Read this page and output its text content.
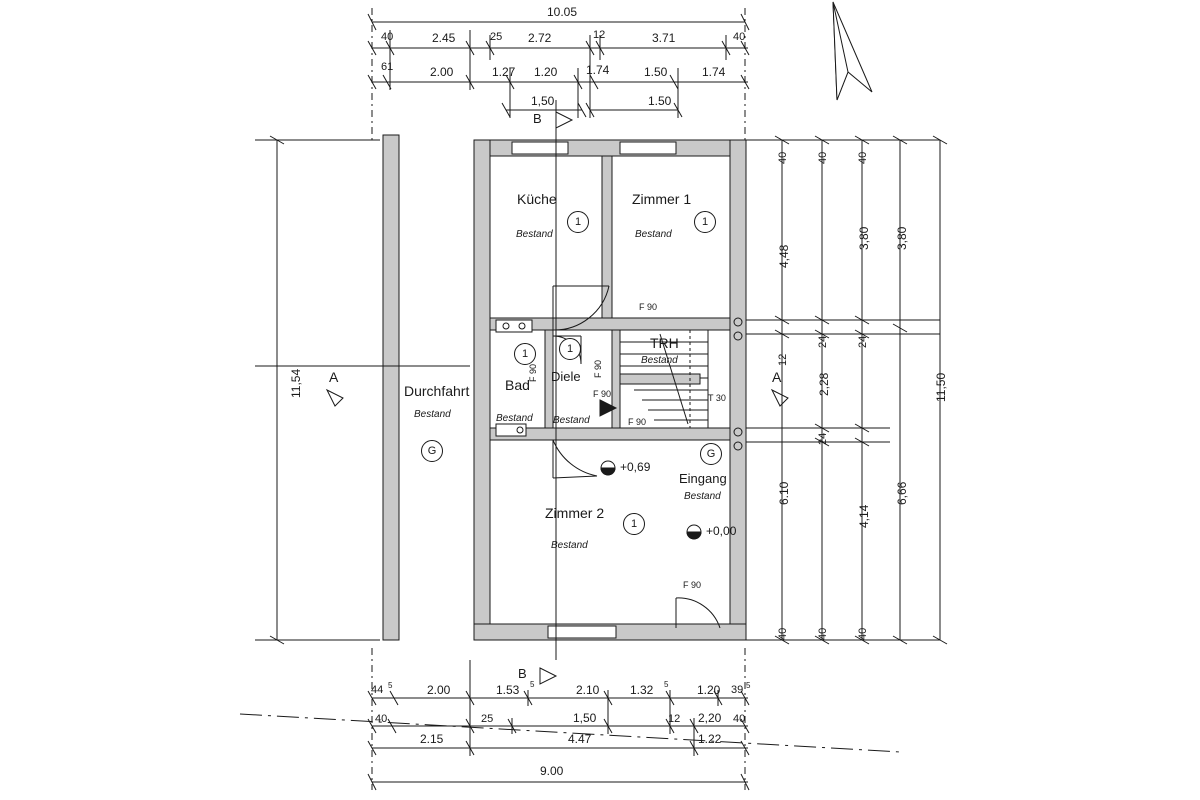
10.05
40	2.45	25 2.72	12	3.71	40
61	2.00	1.27 1.20 1.74	1.50	1.74
1,50	1.50
B
A	A
B
11,54
Küche
Bestand
1
Zimmer 1
Bestand
1
Bad
Bestand
1
Diele
Bestand
1	TRH
Bestand
Zimmer 2
Bestand
1
Eingang
Bestand
G
Durchfahrt
Bestand
G
+0,69
+0,00
F 90
F 90
F 90
F 90
F 90
F 90
T 30
40
4,48
12
6.10
40
40
24
2,28
24
40
40
3,80
24
4,14
40
3,80
6,66
11,50
44 5	2.00	1.53 5	2.10	1.32 5 1.20 39 5
40	25	1,50	12 2,20 40
2.15	4.47	1.22
9.00
